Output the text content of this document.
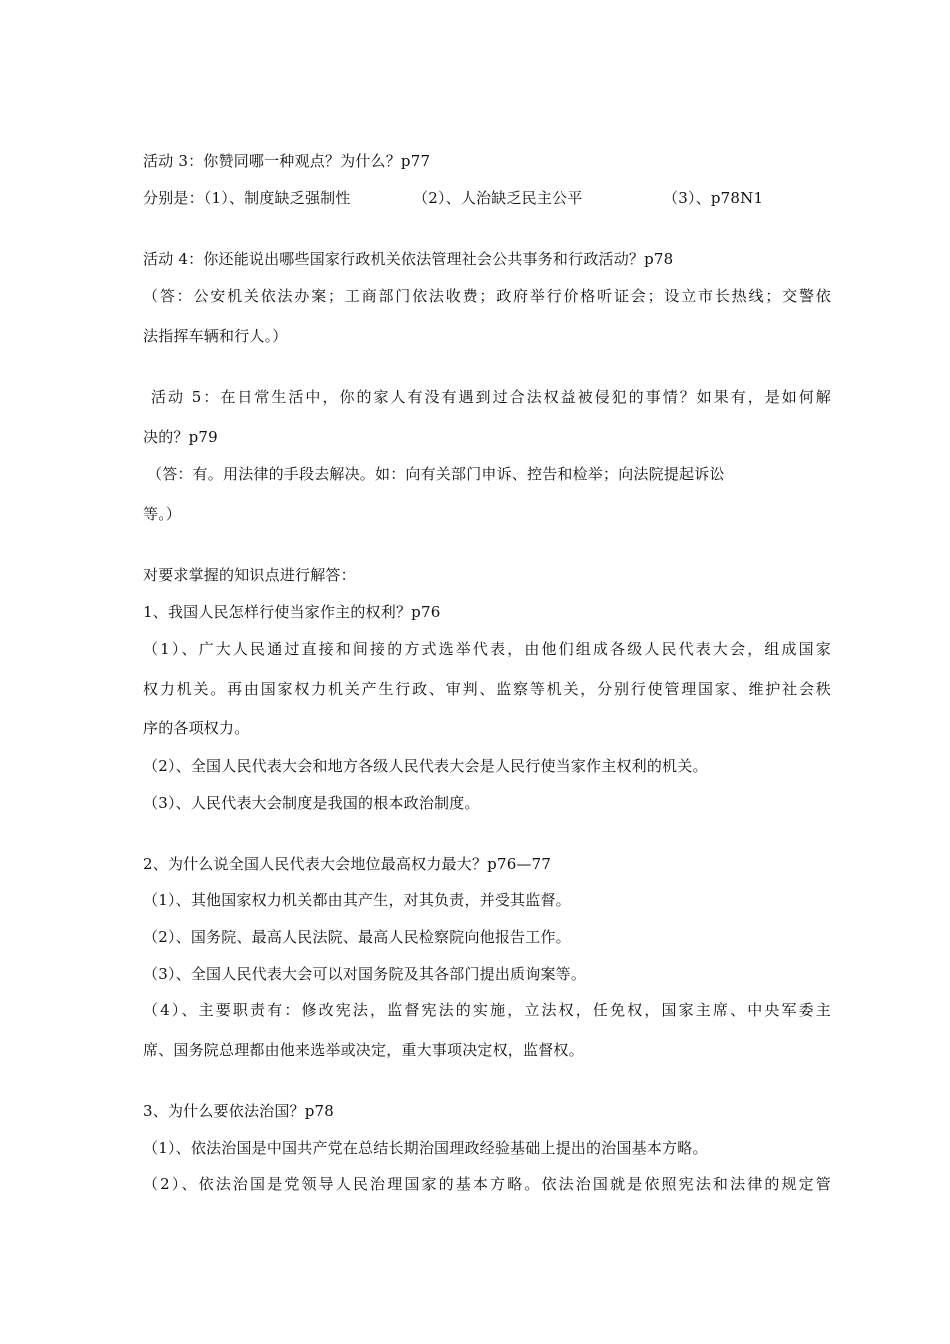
活动 3：你赞同哪一种观点？为什么？p77
分别是：（1）、制度缺乏强制性	（2）、人治缺乏民主公平	（3）、p78N1
活动 4：你还能说出哪些国家行政机关依法管理社会公共事务和行政活动？p78
（答：公安机关依法办案；工商部门依法收费；政府举行价格听证会；设立市长热线；交警依
法指挥车辆和行人。）
活动 5：在日常生活中，你的家人有没有遇到过合法权益被侵犯的事情？如果有，是如何解
决的？p79
（答：有。用法律的手段去解决。如：向有关部门申诉、控告和检举；向法院提起诉讼
等。）
对要求掌握的知识点进行解答：
1、我国人民怎样行使当家作主的权利？p76
（1）、广大人民通过直接和间接的方式选举代表，由他们组成各级人民代表大会，组成国家
权力机关。再由国家权力机关产生行政、审判、监察等机关，分别行使管理国家、维护社会秩
序的各项权力。
（2）、全国人民代表大会和地方各级人民代表大会是人民行使当家作主权利的机关。
（3）、人民代表大会制度是我国的根本政治制度。
2、为什么说全国人民代表大会地位最高权力最大？p76—77
（1）、其他国家权力机关都由其产生，对其负责，并受其监督。
（2）、国务院、最高人民法院、最高人民检察院向他报告工作。
（3）、全国人民代表大会可以对国务院及其各部门提出质询案等。
（4）、主要职责有：修改宪法，监督宪法的实施，立法权，任免权，国家主席、中央军委主
席、国务院总理都由他来选举或决定，重大事项决定权，监督权。
3、为什么要依法治国？p78
（1）、依法治国是中国共产党在总结长期治国理政经验基础上提出的治国基本方略。
（2）、依法治国是党领导人民治理国家的基本方略。依法治国就是依照宪法和法律的规定管
